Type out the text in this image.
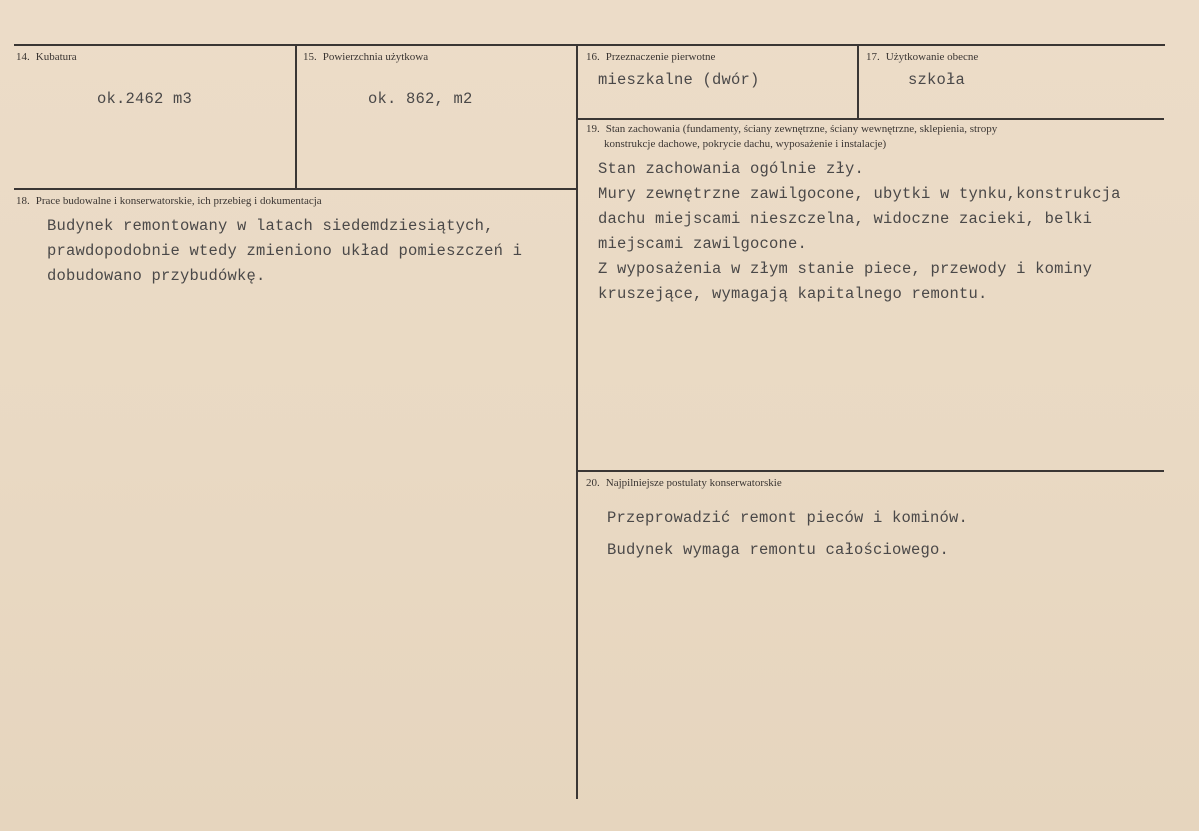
14. Kubatura
ok.2462 m3
15. Powierzchnia użytkowa
ok. 862, m2
16. Przeznaczenie pierwotne
mieszkalne (dwór)
17. Użytkowanie obecne
szkoła
18. Prace budowalne i konserwatorskie, ich przebieg i dokumentacja
Budynek remontowany w latach siedemdziesiątych,
prawdopodobnie wtedy zmieniono układ pomieszczeń i
dobudowano przybudówkę.
19. Stan zachowania (fundamenty, ściany zewnętrzne, ściany wewnętrzne, sklepienia, stropy
konstrukcje dachowe, pokrycie dachu, wyposażenie i instalacje)
Stan zachowania ogólnie zły.
Mury zewnętrzne zawilgocone, ubytki w tynku,konstrukcja
dachu miejscami nieszczelna, widoczne zacieki, belki
miejscami zawilgocone.
Z wyposażenia w złym stanie piece, przewody i kominy
kruszejące, wymagają kapitalnego remontu.
20. Najpilniejsze postulaty konserwatorskie
Przeprowadzić remont pieców i kominów.
Budynek wymaga remontu całościowego.
